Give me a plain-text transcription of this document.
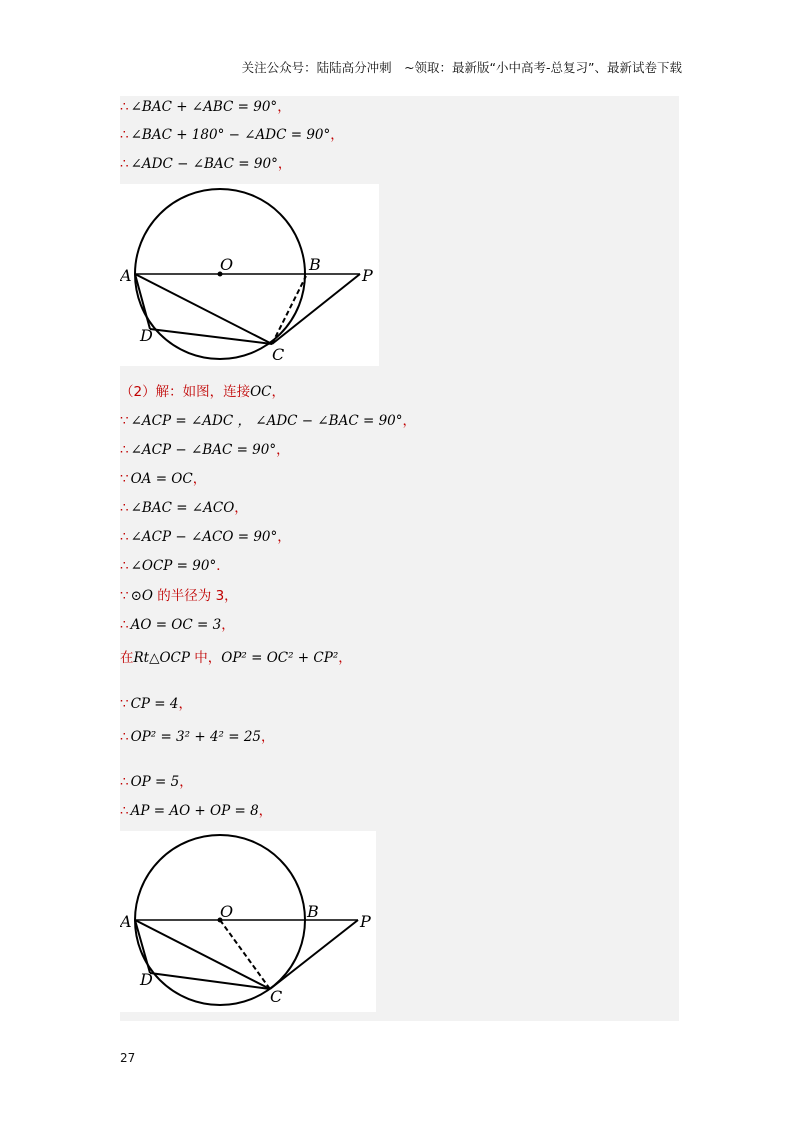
关注公众号：陆陆高分冲刺　~领取：最新版“小中高考-总复习”、最新试卷下载
∴ ∠BAC + ∠ABC = 90°，
∴ ∠BAC + 180° − ∠ADC = 90°，
∴ ∠ADC − ∠BAC = 90°，
A
O	B
P
D
C
（2）解：如图，连接OC，
∵ ∠ACP = ∠ADC ， ∠ADC − ∠BAC = 90°，
∴ ∠ACP − ∠BAC = 90°，
∵ OA = OC，
∴ ∠BAC = ∠ACO，
∴ ∠ACP − ∠ACO = 90°，
∴ ∠OCP = 90°．
∵ ⊙O 的半径为 3，
∴ AO = OC = 3，
在Rt△OCP 中，OP² = OC² + CP²，
∵ CP = 4，
∴ OP² = 3² + 4² = 25，
∴ OP = 5，
∴ AP = AO + OP = 8，
A
O	B
P
D
C
27
